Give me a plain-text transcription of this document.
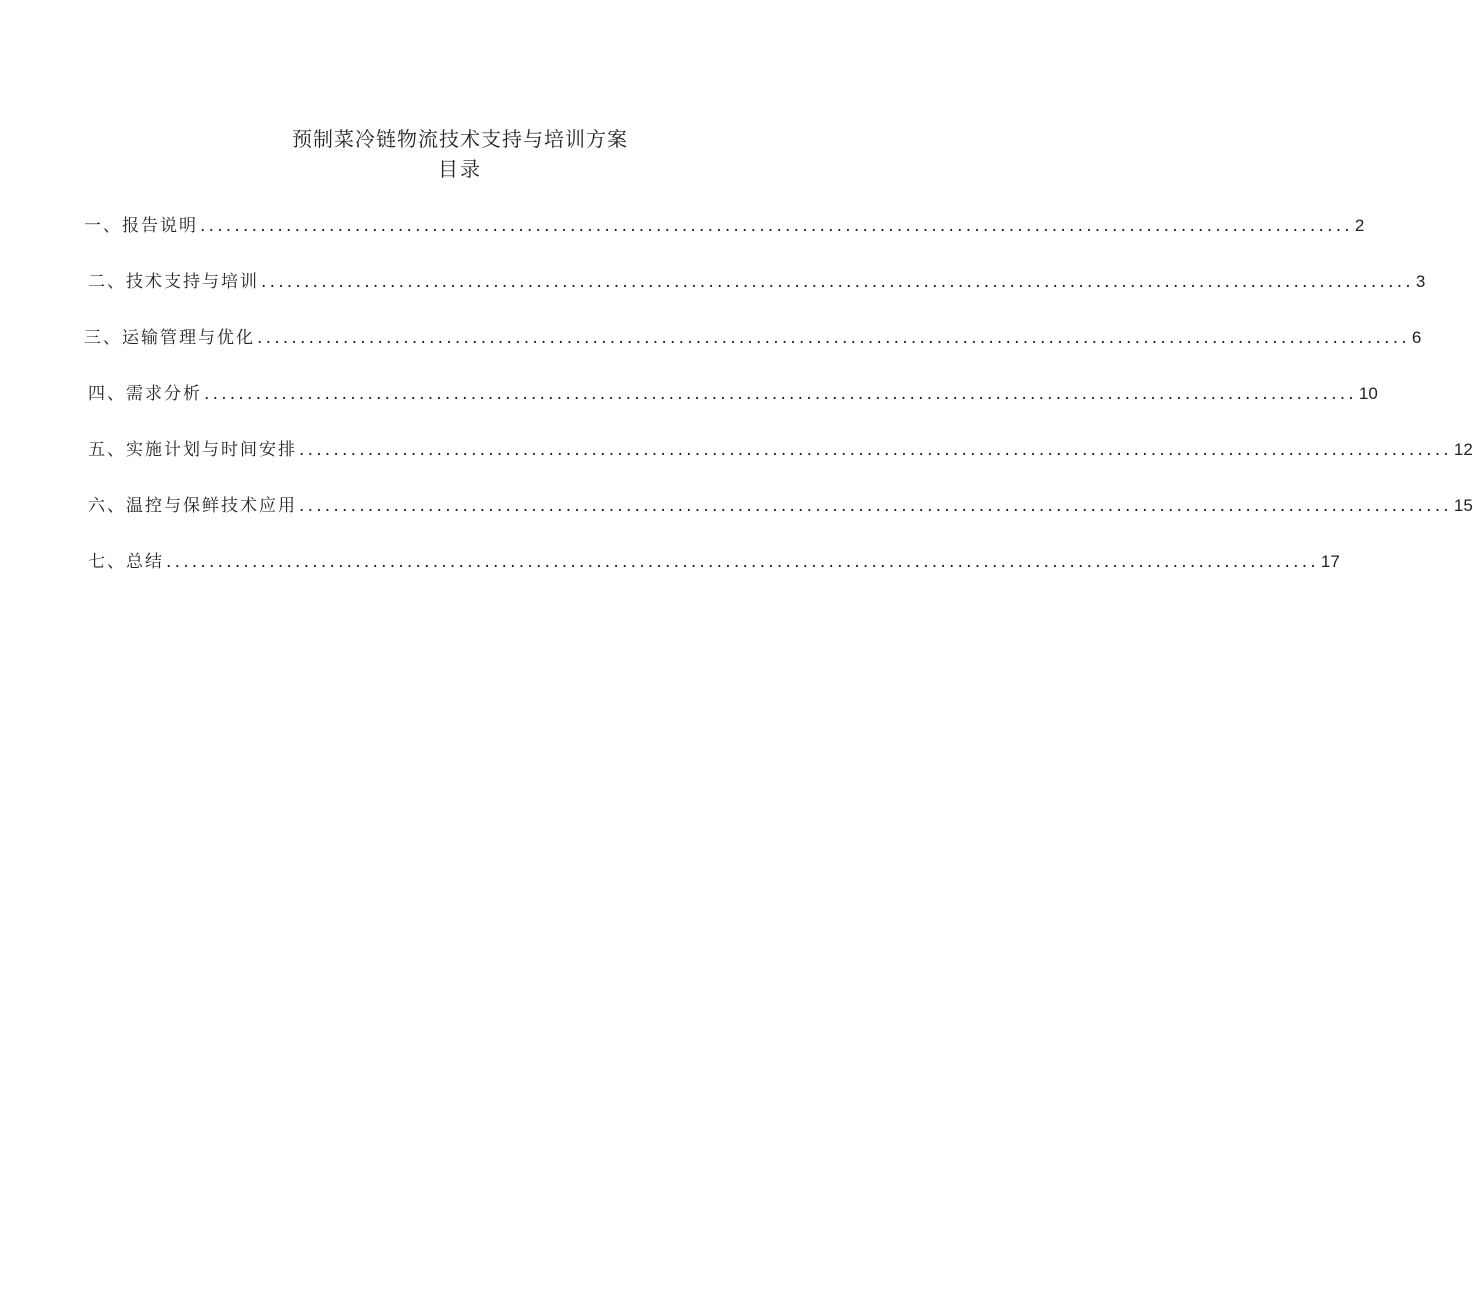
预制菜冷链物流技术支持与培训方案
目录
一、报告说明 ...................................................................................................................................... 2
二、技术支持与培训 ...................................................................................................................................... 3
三、运输管理与优化 ...................................................................................................................................... 6
四、需求分析 ...................................................................................................................................... 10
五、实施计划与时间安排 ...................................................................................................................................... 12
六、温控与保鲜技术应用 ...................................................................................................................................... 15
七、总结 ...................................................................................................................................... 17
